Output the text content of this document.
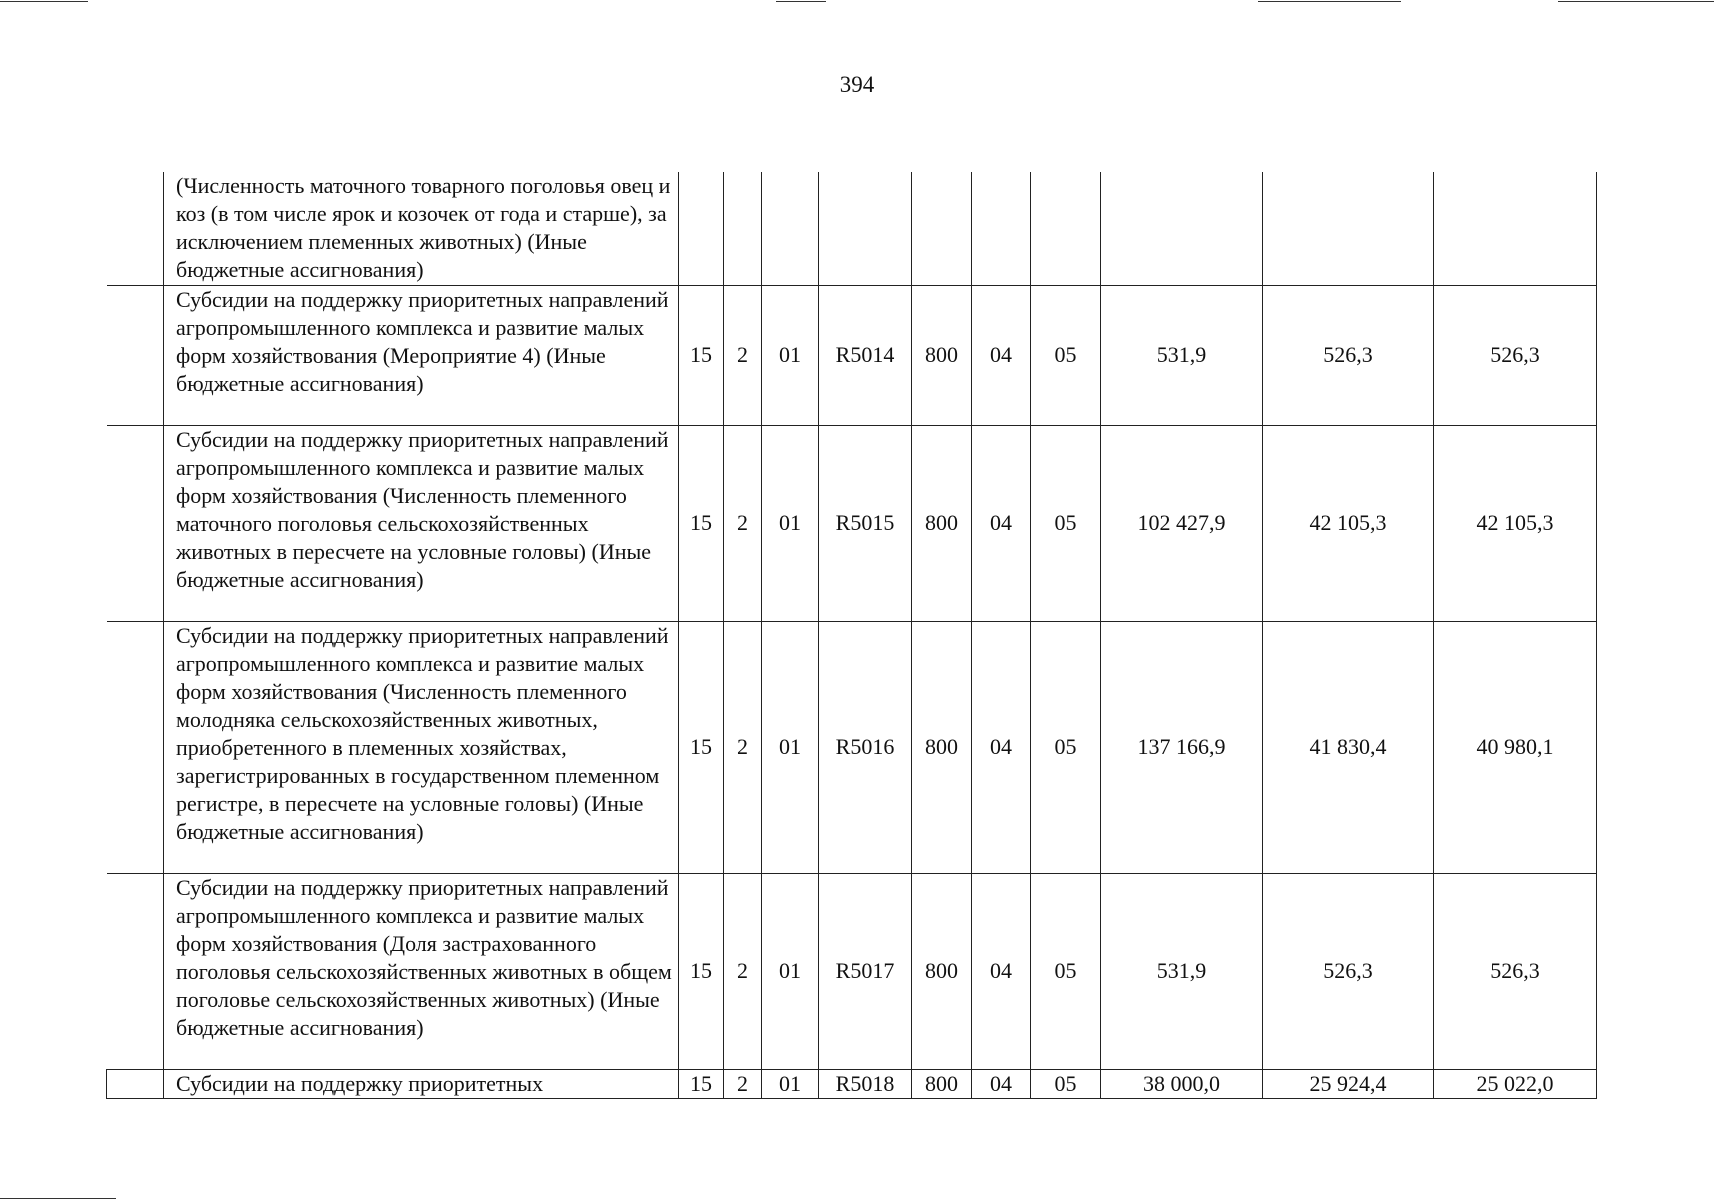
394
	(Численность маточного товарного поголовья овец и коз (в том числе ярок и козочек от года и старше), за исключением племенных животных) (Иные бюджетные ассигнования)										
	Субсидии на поддержку приоритетных направлений агропромышленного комплекса и развитие малых форм хозяйствования (Мероприятие 4) (Иные бюджетные ассигнования)	15	2	01	R5014	800	04	05	531,9	526,3	526,3
	Субсидии на поддержку приоритетных направлений агропромышленного комплекса и развитие малых форм хозяйствования (Численность племенного маточного поголовья сельскохозяйственных животных в пересчете на условные головы) (Иные бюджетные ассигнования)	15	2	01	R5015	800	04	05	102 427,9	42 105,3	42 105,3
	Субсидии на поддержку приоритетных направлений агропромышленного комплекса и развитие малых форм хозяйствования (Численность племенного молодняка сельскохозяйственных животных, приобретенного в племенных хозяйствах, зарегистрированных в государственном племенном регистре, в пересчете на условные головы) (Иные бюджетные ассигнования)	15	2	01	R5016	800	04	05	137 166,9	41 830,4	40 980,1
	Субсидии на поддержку приоритетных направлений агропромышленного комплекса и развитие малых форм хозяйствования (Доля застрахованного поголовья сельскохозяйственных животных в общем поголовье сельскохозяйственных животных) (Иные бюджетные ассигнования)	15	2	01	R5017	800	04	05	531,9	526,3	526,3
	Субсидии на поддержку приоритетных	15	2	01	R5018	800	04	05	38 000,0	25 924,4	25 022,0
